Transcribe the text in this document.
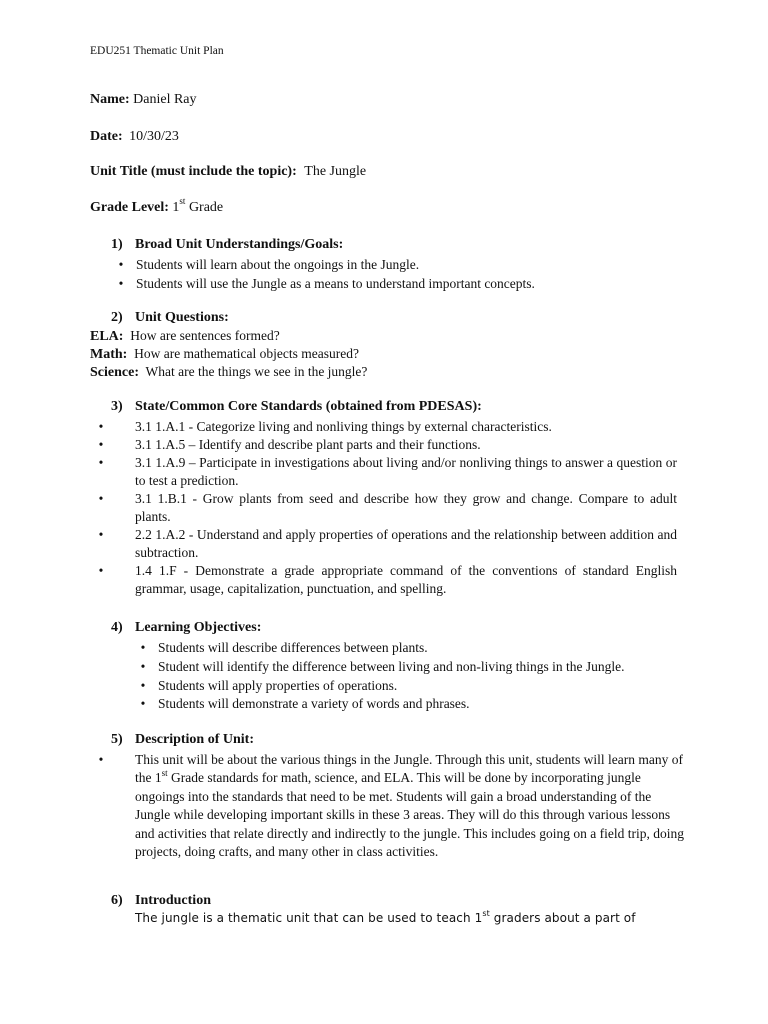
EDU251 Thematic Unit Plan
Name: Daniel Ray
Date: 10/30/23
Unit Title (must include the topic): The Jungle
Grade Level: 1st Grade
1) Broad Unit Understandings/Goals:
• Students will learn about the ongoings in the Jungle.
• Students will use the Jungle as a means to understand important concepts.
2) Unit Questions:
ELA: How are sentences formed?
Math: How are mathematical objects measured?
Science: What are the things we see in the jungle?
3) State/Common Core Standards (obtained from PDESAS):
•	3.1 1.A.1 - Categorize living and nonliving things by external characteristics.
•	3.1 1.A.5 – Identify and describe plant parts and their functions.
•	3.1 1.A.9 – Participate in investigations about living and/or nonliving things to answer a question or to test a prediction.
•	3.1 1.B.1 - Grow plants from seed and describe how they grow and change. Compare to adult plants.
•	2.2 1.A.2 - Understand and apply properties of operations and the relationship between addition and subtraction.
•	1.4 1.F - Demonstrate a grade appropriate command of the conventions of standard English grammar, usage, capitalization, punctuation, and spelling.
4) Learning Objectives:
• Students will describe differences between plants.
• Student will identify the difference between living and non-living things in the Jungle.
• Students will apply properties of operations.
• Students will demonstrate a variety of words and phrases.
5) Description of Unit:
•	This unit will be about the various things in the Jungle. Through this unit, students will learn many of the 1st Grade standards for math, science, and ELA. This will be done by incorporating jungle ongoings into the standards that need to be met. Students will gain a broad understanding of the Jungle while developing important skills in these 3 areas. They will do this through various lessons and activities that relate directly and indirectly to the jungle. This includes going on a field trip, doing projects, doing crafts, and many other in class activities.
6) Introduction
The jungle is a thematic unit that can be used to teach 1st graders about a part of
